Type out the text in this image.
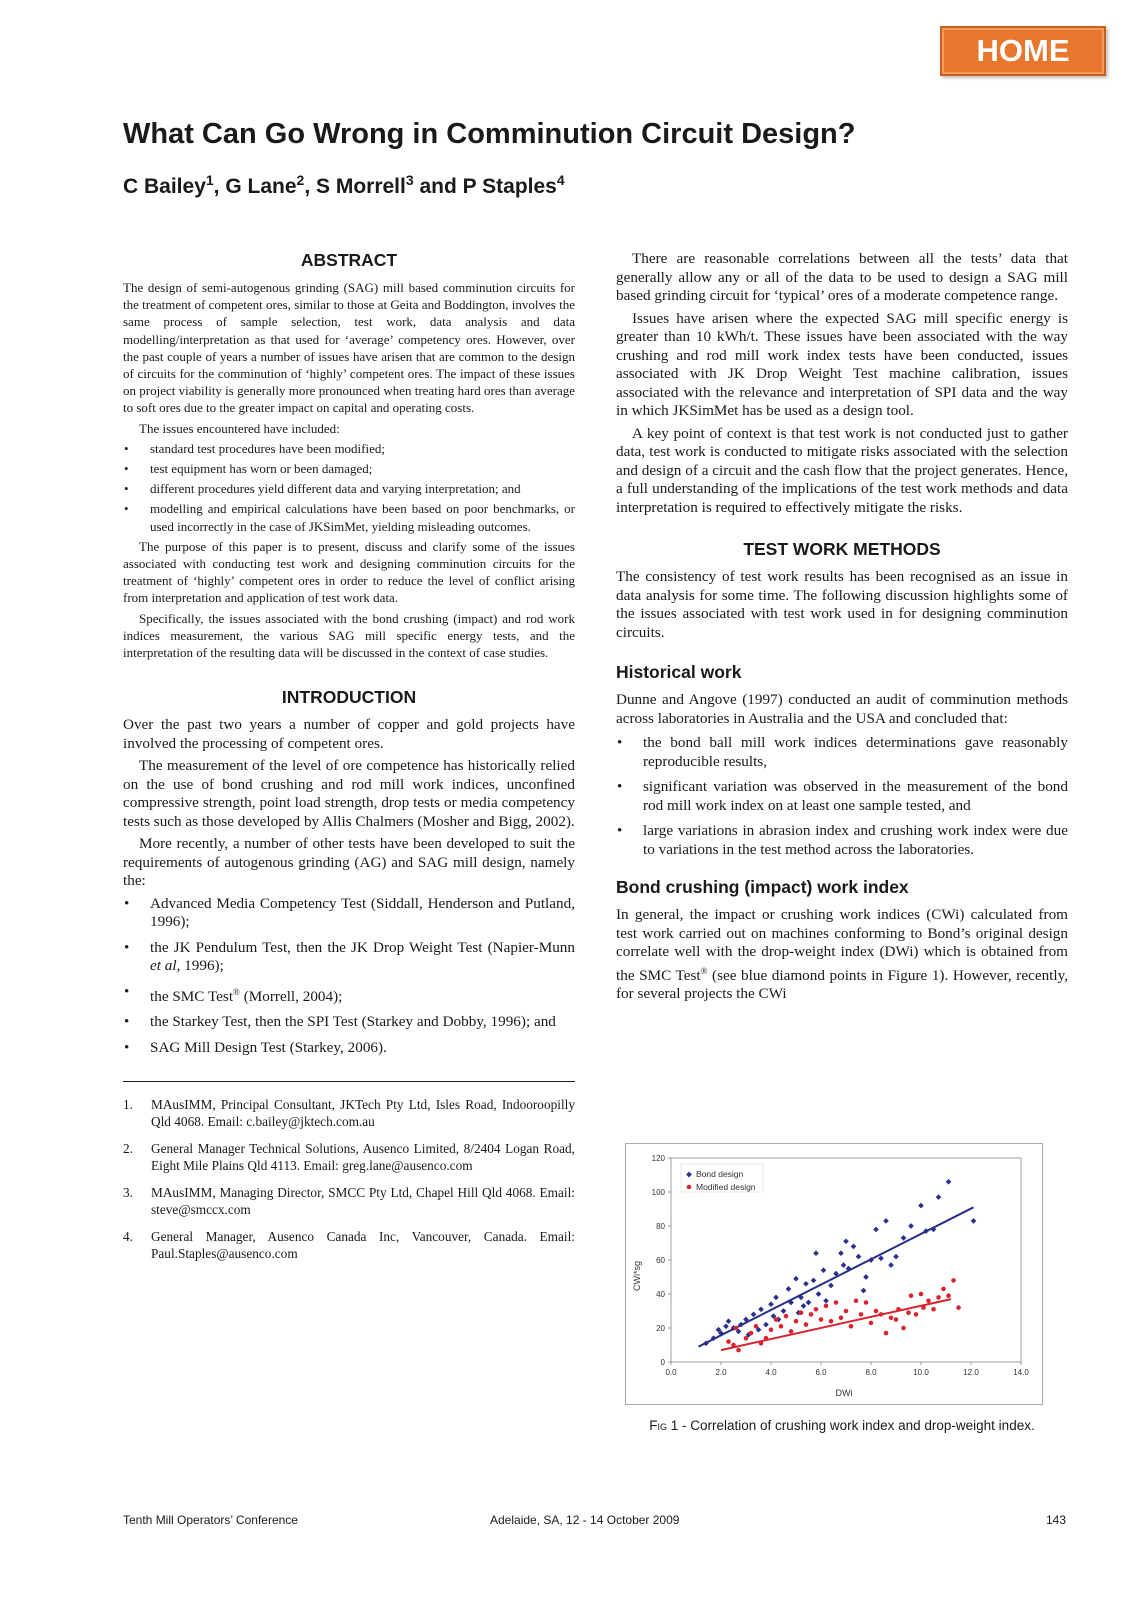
HOME
What Can Go Wrong in Comminution Circuit Design?
C Bailey$^1$, G Lane$^2$, S Morrell$^3$ and P Staples$^4$
ABSTRACT

The design of semi-autogenous grinding (SAG) mill based comminution circuits for the treatment of competent ores, similar to those at Geita and Boddington, involves the same process of sample selection, test work, data analysis and data modelling/interpretation as that used for ‘average’ competency ores. However, over the past couple of years a number of issues have arisen that are common to the design of circuits for the comminution of ‘highly’ competent ores. The impact of these issues on project viability is generally more pronounced when treating hard ores than average to soft ores due to the greater impact on capital and operating costs.

The issues encountered have included:

• standard test procedures have been modified;
• test equipment has worn or been damaged;
• different procedures yield different data and varying interpretation; and
• modelling and empirical calculations have been based on poor benchmarks, or used incorrectly in the case of JKSimMet, yielding misleading outcomes.

The purpose of this paper is to present, discuss and clarify some of the issues associated with conducting test work and designing comminution circuits for the treatment of ‘highly’ competent ores in order to reduce the level of conflict arising from interpretation and application of test work data.

Specifically, the issues associated with the bond crushing (impact) and rod work indices measurement, the various SAG mill specific energy tests, and the interpretation of the resulting data will be discussed in the context of case studies.

INTRODUCTION

Over the past two years a number of copper and gold projects have involved the processing of competent ores.

The measurement of the level of ore competence has historically relied on the use of bond crushing and rod mill work indices, unconfined compressive strength, point load strength, drop tests or media competency tests such as those developed by Allis Chalmers (Mosher and Bigg, 2002).

More recently, a number of other tests have been developed to suit the requirements of autogenous grinding (AG) and SAG mill design, namely the:

• Advanced Media Competency Test (Siddall, Henderson and Putland, 1996);
• the JK Pendulum Test, then the JK Drop Weight Test (Napier-Munn et al, 1996);
• the SMC Test® (Morrell, 2004);
• the Starkey Test, then the SPI Test (Starkey and Dobby, 1996); and
• SAG Mill Design Test (Starkey, 2006).
1. MAusIMM, Principal Consultant, JKTech Pty Ltd, Isles Road, Indooroopilly Qld 4068. Email: c.bailey@jktech.com.au
2. General Manager Technical Solutions, Ausenco Limited, 8/2404 Logan Road, Eight Mile Plains Qld 4113. Email: greg.lane@ausenco.com
3. MAusIMM, Managing Director, SMCC Pty Ltd, Chapel Hill Qld 4068. Email: steve@smccx.com
4. General Manager, Ausenco Canada Inc, Vancouver, Canada. Email: Paul.Staples@ausenco.com

There are reasonable correlations between all the tests’ data that generally allow any or all of the data to be used to design a SAG mill based grinding circuit for ‘typical’ ores of a moderate competence range.

Issues have arisen where the expected SAG mill specific energy is greater than 10 kWh/t. These issues have been associated with the way crushing and rod mill work index tests have been conducted, issues associated with JK Drop Weight Test machine calibration, issues associated with the relevance and interpretation of SPI data and the way in which JKSimMet has be used as a design tool.

A key point of context is that test work is not conducted just to gather data, test work is conducted to mitigate risks associated with the selection and design of a circuit and the cash flow that the project generates. Hence, a full understanding of the implications of the test work methods and data interpretation is required to effectively mitigate the risks.

TEST WORK METHODS

The consistency of test work results has been recognised as an issue in data analysis for some time. The following discussion highlights some of the issues associated with test work used in for designing comminution circuits.

Historical work

Dunne and Angove (1997) conducted an audit of comminution methods across laboratories in Australia and the USA and concluded that:

• the bond ball mill work indices determinations gave reasonably reproducible results,
• significant variation was observed in the measurement of the bond rod mill work index on at least one sample tested, and
• large variations in abrasion index and crushing work index were due to variations in the test method across the laboratories.
Bond crushing (impact) work index

In general, the impact or crushing work indices (CWi) calculated from test work carried out on machines conforming to Bond’s original design correlate well with the drop-weight index (DWi) which is obtained from the SMC Test® (see blue diamond points in Figure 1). However, recently, for several projects the CWi

CWi*sg
DWi
0
20
40
60
80
100
120
0.0	2.0	4.0	6.0	8.0	10.0	12.0	14.0
Bond design
Modified design
Fig 1 - Correlation of crushing work index and drop-weight index.
Tenth Mill Operators’ Conference	Adelaide, SA, 12 - 14 October 2009	143
